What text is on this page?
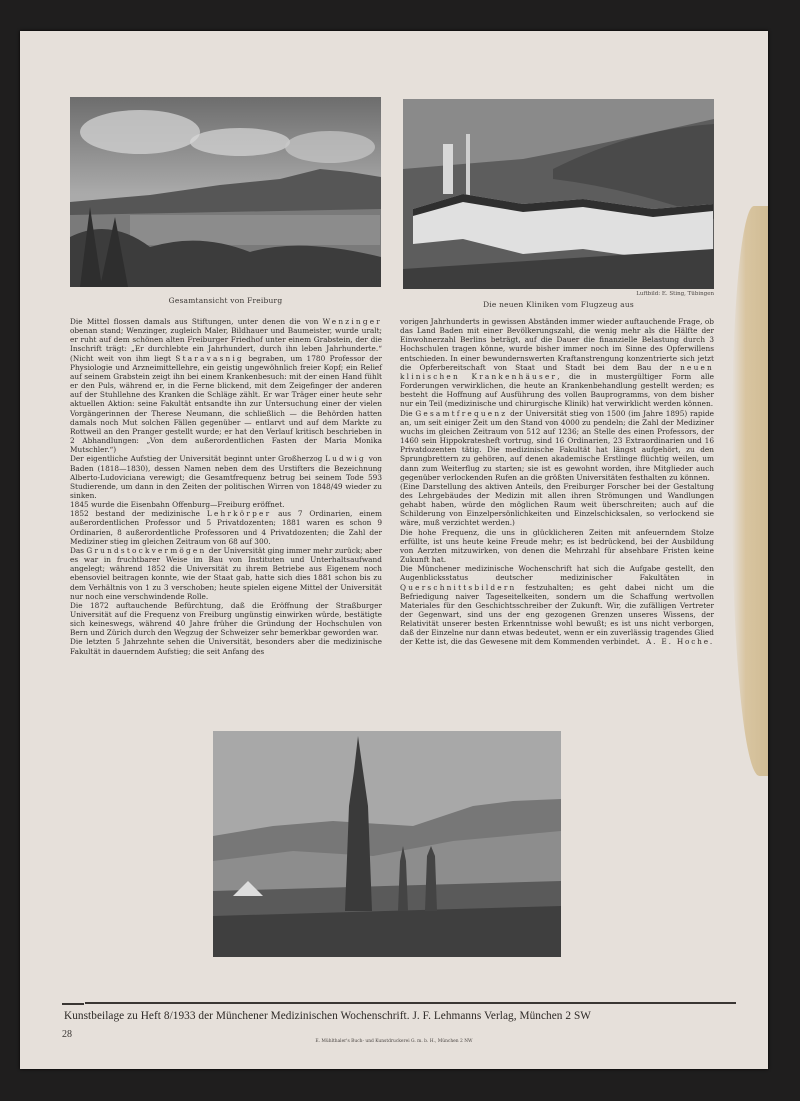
Gesamtansicht von Freiburg
Luftbild: E. Sting, Tübingen
Die neuen Kliniken vom Flugzeug aus

Die Mittel flossen damals aus Stiftungen, unter denen die von Wenzinger obenan stand; Wenzinger, zugleich Maler, Bildhauer und Baumeister, wurde uralt; er ruht auf dem schönen alten Freiburger Friedhof unter einem Grabstein, der die Inschrift trägt: „Er durchlebte ein Jahrhundert, durch ihn leben Jahrhunderte.“ (Nicht weit von ihm liegt Staravasnig begraben, um 1780 Professor der Physiologie und Arzneimittellehre, ein geistig ungewöhnlich freier Kopf; ein Relief auf seinem Grabstein zeigt ihn bei einem Krankenbesuch: mit der einen Hand fühlt er den Puls, während er, in die Ferne blickend, mit dem Zeigefinger der anderen auf der Stuhllehne des Kranken die Schläge zählt. Er war Träger einer heute sehr aktuellen Aktion: seine Fakultät entsandte ihn zur Untersuchung einer der vielen Vorgängerinnen der Therese Neumann, die schließlich — die Behörden hatten damals noch Mut solchen Fällen gegenüber — entlarvt und auf dem Markte zu Rottweil an den Pranger gestellt wurde; er hat den Verlauf kritisch beschrieben in 2 Abhandlungen: „Von dem außerordentlichen Fasten der Maria Monika Mutschler.“)

Der eigentliche Aufstieg der Universität beginnt unter Großherzog Ludwig von Baden (1818—1830), dessen Namen neben dem des Urstifters die Bezeichnung Alberto-Ludoviciana verewigt; die Gesamtfrequenz betrug bei seinem Tode 593 Studierende, um dann in den Zeiten der politischen Wirren von 1848/49 wieder zu sinken.

1845 wurde die Eisenbahn Offenburg—Freiburg eröffnet.

1852 bestand der medizinische Lehrkörper aus 7 Ordinarien, einem außerordentlichen Professor und 5 Privatdozenten; 1881 waren es schon 9 Ordinarien, 8 außerordentliche Professoren und 4 Privatdozenten; die Zahl der Mediziner stieg im gleichen Zeitraum von 68 auf 300.

Das Grundstockvermögen der Universität ging immer mehr zurück; aber es war in fruchtbarer Weise im Bau von Instituten und Unterhaltsaufwand angelegt; während 1852 die Universität zu ihrem Betriebe aus Eigenem noch ebensoviel beitragen konnte, wie der Staat gab, hatte sich dies 1881 schon bis zu dem Verhältnis von 1 zu 3 verschoben; heute spielen eigene Mittel der Universität nur noch eine verschwindende Rolle.

Die 1872 auftauchende Befürchtung, daß die Eröffnung der Straßburger Universität auf die Frequenz von Freiburg ungünstig einwirken würde, bestätigte sich keineswegs, während 40 Jahre früher die Gründung der Hochschulen von Bern und Zürich durch den Wegzug der Schweizer sehr bemerkbar geworden war.

Die letzten 5 Jahrzehnte sehen die Universität, besonders aber die medizinische Fakultät in dauerndem Aufstieg; die seit Anfang des

vorigen Jahrhunderts in gewissen Abständen immer wieder auftauchende Frage, ob das Land Baden mit einer Bevölkerungszahl, die wenig mehr als die Hälfte der Einwohnerzahl Berlins beträgt, auf die Dauer die finanzielle Belastung durch 3 Hochschulen tragen könne, wurde bisher immer noch im Sinne des Opferwillens entschieden. In einer bewundernswerten Kraftanstrengung konzentrierte sich jetzt die Opferbereitschaft von Staat und Stadt bei dem Bau der neuen klinischen Krankenhäuser, die in mustergültiger Form alle Forderungen verwirklichen, die heute an Krankenbehandlung gestellt werden; es besteht die Hoffnung auf Ausführung des vollen Bauprogramms, von dem bisher nur ein Teil (medizinische und chirurgische Klinik) hat verwirklicht werden können.

Die Gesamtfrequenz der Universität stieg von 1500 (im Jahre 1895) rapide an, um seit einiger Zeit um den Stand von 4000 zu pendeln; die Zahl der Mediziner wuchs im gleichen Zeitraum von 512 auf 1236; an Stelle des einen Professors, der 1460 sein Hippokratesheft vortrug, sind 16 Ordinarien, 23 Extraordinarien und 16 Privatdozenten tätig. Die medizinische Fakultät hat längst aufgehört, zu den Sprungbrettern zu gehören, auf denen akademische Erstlinge flüchtig weilen, um dann zum Weiterflug zu starten; sie ist es gewohnt worden, ihre Mitglieder auch gegenüber verlockenden Rufen an die größten Universitäten festhalten zu können.

(Eine Darstellung des aktiven Anteils, den Freiburger Forscher bei der Gestaltung des Lehrgebäudes der Medizin mit allen ihren Strömungen und Wandlungen gehabt haben, würde den möglichen Raum weit überschreiten; auch auf die Schilderung von Einzelpersönlichkeiten und Einzelschicksalen, so verlockend sie wäre, muß verzichtet werden.)

Die hohe Frequenz, die uns in glücklicheren Zeiten mit anfeuerndem Stolze erfüllte, ist uns heute keine Freude mehr; es ist bedrückend, bei der Ausbildung von Aerzten mitzuwirken, von denen die Mehrzahl für absehbare Fristen keine Zukunft hat.

Die Münchener medizinische Wochenschrift hat sich die Aufgabe gestellt, den Augenblicksstatus deutscher medizinischer Fakultäten in Querschnittsbildern festzuhalten; es geht dabei nicht um die Befriedigung naiver Tageseitelkeiten, sondern um die Schaffung wertvollen Materiales für den Geschichtsschreiber der Zukunft. Wir, die zufälligen Vertreter der Gegenwart, sind uns der eng gezogenen Grenzen unseres Wissens, der Relativität unserer besten Erkenntnisse wohl bewußt; es ist uns nicht verborgen, daß der Einzelne nur dann etwas bedeutet, wenn er ein zuverlässig tragendes Glied der Kette ist, die das Gewesene mit dem Kommenden verbindet. A. E. Hoche.

Kunstbeilage zu Heft 8/1933 der Münchener Medizinischen Wochenschrift. J. F. Lehmanns Verlag, München 2 SW
28
E. Mühlthaler's Buch- und Kunstdruckerei G. m. b. H., München 2 NW
